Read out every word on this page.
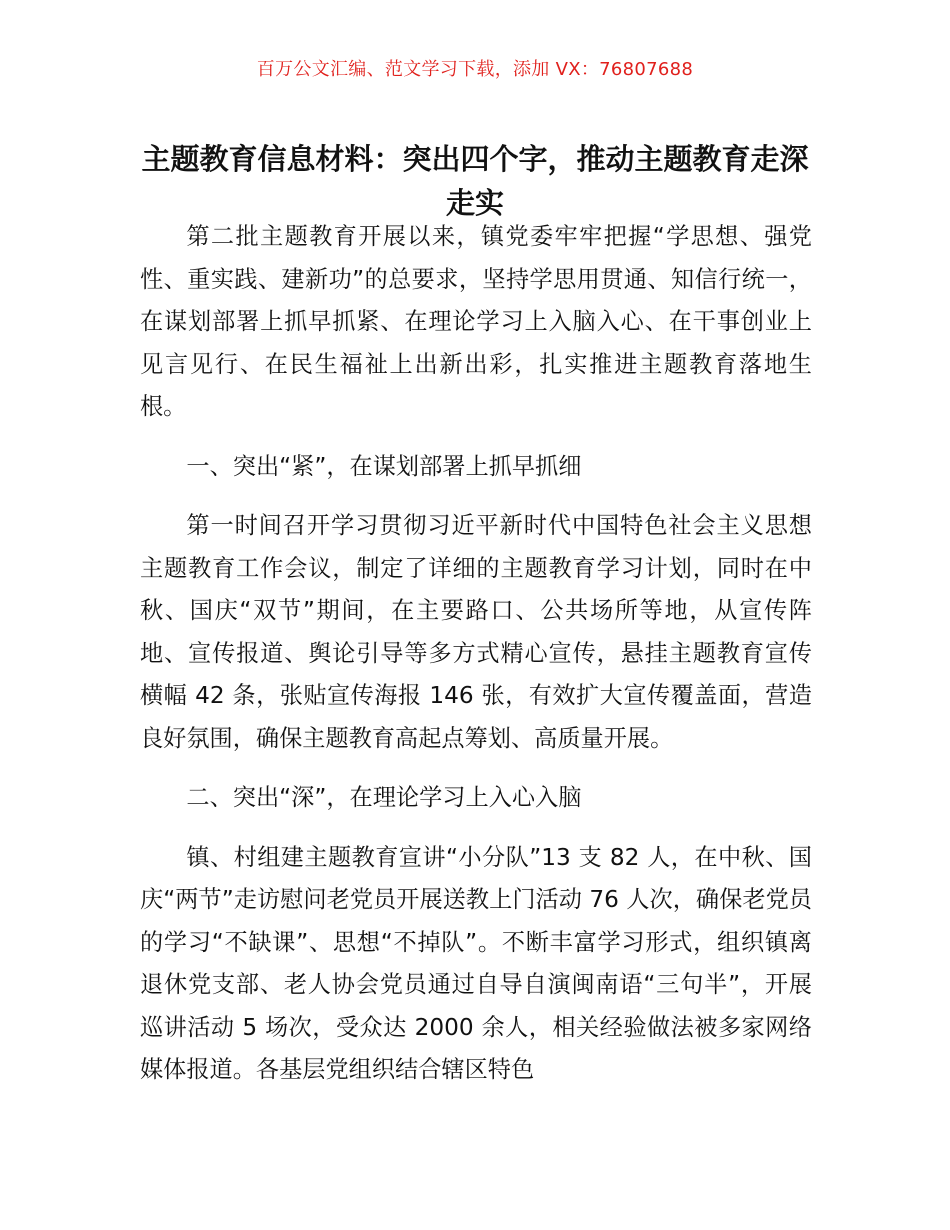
百万公文汇编、范文学习下载，添加 VX：76807688
主题教育信息材料：突出四个字，推动主题教育走深走实

第二批主题教育开展以来，镇党委牢牢把握“学思想、强党性、重实践、建新功”的总要求，坚持学思用贯通、知信行统一，在谋划部署上抓早抓紧、在理论学习上入脑入心、在干事创业上见言见行、在民生福祉上出新出彩，扎实推进主题教育落地生根。

一、突出“紧”，在谋划部署上抓早抓细

第一时间召开学习贯彻习近平新时代中国特色社会主义思想主题教育工作会议，制定了详细的主题教育学习计划，同时在中秋、国庆“双节”期间，在主要路口、公共场所等地，从宣传阵地、宣传报道、舆论引导等多方式精心宣传，悬挂主题教育宣传横幅 42 条，张贴宣传海报 146 张，有效扩大宣传覆盖面，营造良好氛围，确保主题教育高起点筹划、高质量开展。

二、突出“深”，在理论学习上入心入脑

镇、村组建主题教育宣讲“小分队”13 支 82 人，在中秋、国庆“两节”走访慰问老党员开展送教上门活动 76 人次，确保老党员的学习“不缺课”、思想“不掉队”。不断丰富学习形式，组织镇离退休党支部、老人协会党员通过自导自演闽南语“三句半”，开展巡讲活动 5 场次，受众达 2000 余人，相关经验做法被多家网络媒体报道。各基层党组织结合辖区特色
